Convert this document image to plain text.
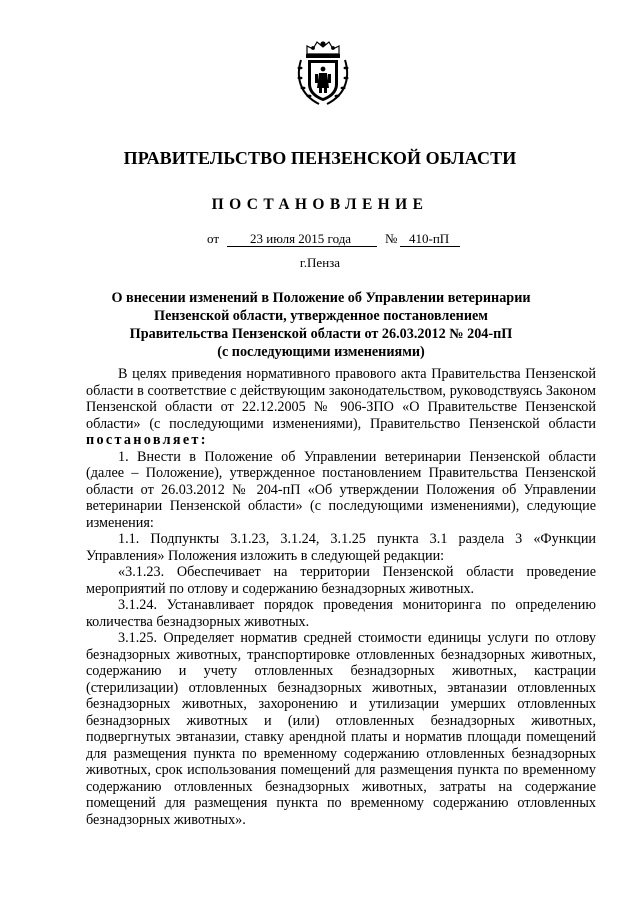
ПРАВИТЕЛЬСТВО ПЕНЗЕНСКОЙ ОБЛАСТИ
ПОСТАНОВЛЕНИЕ
от 23 июля 2015 года	№ 410-пП
г.Пенза
О внесении изменений в Положение об Управлении ветеринарии
Пензенской области, утвержденное постановлением
Правительства Пензенской области от 26.03.2012 № 204-пП
(с последующими изменениями)

В целях приведения нормативного правового акта Правительства Пензенской области в соответствие с действующим законодательством, руководствуясь Законом Пензенской области от 22.12.2005 № 906-ЗПО «О Правительстве Пензенской области» (с последующими изменениями), Правительство Пензенской области постановляет:

1. Внести в Положение об Управлении ветеринарии Пензенской области (далее – Положение), утвержденное постановлением Правительства Пензенской области от 26.03.2012 № 204-пП «Об утверждении Положения об Управлении ветеринарии Пензенской области» (с последующими изменениями), следующие изменения:

1.1. Подпункты 3.1.23, 3.1.24, 3.1.25 пункта 3.1 раздела 3 «Функции Управления» Положения изложить в следующей редакции:

«3.1.23. Обеспечивает на территории Пензенской области проведение мероприятий по отлову и содержанию безнадзорных животных.

3.1.24. Устанавливает порядок проведения мониторинга по определению количества безнадзорных животных.

3.1.25. Определяет норматив средней стоимости единицы услуги по отлову безнадзорных животных, транспортировке отловленных безнадзорных животных, содержанию и учету отловленных безнадзорных животных, кастрации (стерилизации) отловленных безнадзорных животных, эвтаназии отловленных безнадзорных животных, захоронению и утилизации умерших отловленных безнадзорных животных и (или) отловленных безнадзорных животных, подвергнутых эвтаназии, ставку арендной платы и норматив площади помещений для размещения пункта по временному содержанию отловленных безнадзорных животных, срок использования помещений для размещения пункта по временному содержанию отловленных безнадзорных животных, затраты на содержание помещений для размещения пункта по временному содержанию отловленных безнадзорных животных».
